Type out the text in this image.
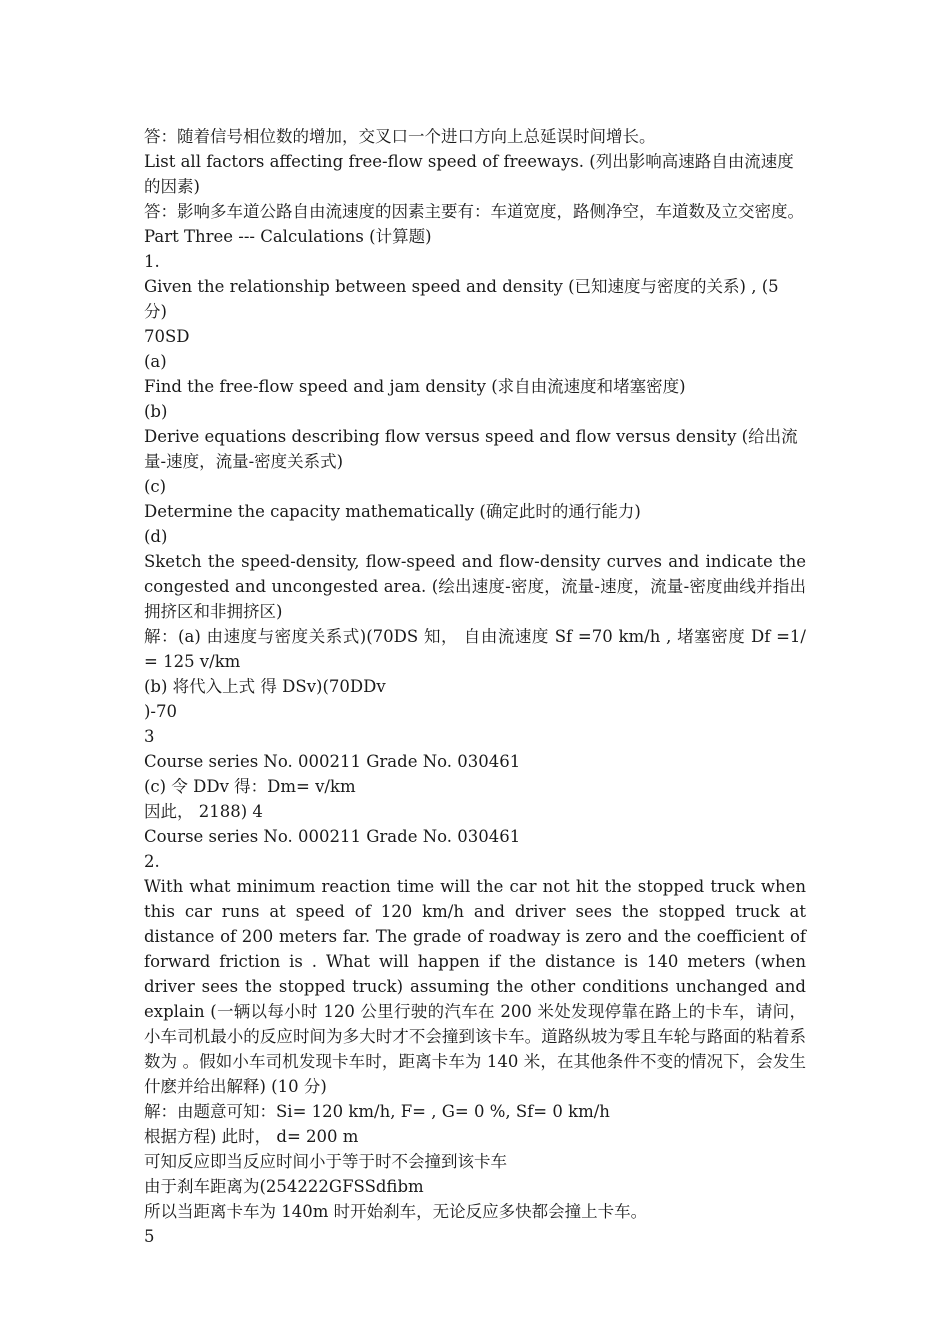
答：随着信号相位数的增加，交叉口一个进口方向上总延误时间增长。

List all factors affecting free-flow speed of freeways. (列出影响高速路自由流速度的因素)

答：影响多车道公路自由流速度的因素主要有：车道宽度，路侧净空，车道数及立交密度。

Part Three --- Calculations (计算题)

1.

Given the relationship between speed and density (已知速度与密度的关系) , (5 分)

70SD

(a)

Find the free-flow speed and jam density (求自由流速度和堵塞密度)

(b)

Derive equations describing flow versus speed and flow versus density (给出流量-速度，流量-密度关系式)

(c)

Determine the capacity mathematically (确定此时的通行能力)

(d)

Sketch the speed-density, flow-speed and flow-density curves and indicate the congested and uncongested area. (绘出速度-密度，流量-速度，流量-密度曲线并指出拥挤区和非拥挤区)

解：(a) 由速度与密度关系式)(70DS 知， 自由流速度 Sf =70 km/h , 堵塞密度 Df =1/ = 125 v/km

(b) 将代入上式 得 DSv)(70DDv

)-70

3

Course series No. 000211 Grade No. 030461

(c) 令 DDv 得：Dm= v/km

因此， 2188) 4

Course series No. 000211 Grade No. 030461

2.

With what minimum reaction time will the car not hit the stopped truck when this car runs at speed of 120 km/h and driver sees the stopped truck at distance of 200 meters far. The grade of roadway is zero and the coefficient of forward friction is . What will happen if the distance is 140 meters (when driver sees the stopped truck) assuming the other conditions unchanged and explain (一辆以每小时 120 公里行驶的汽车在 200 米处发现停靠在路上的卡车，请问， 小车司机最小的反应时间为多大时才不会撞到该卡车。道路纵坡为零且车轮与路面的粘着系数为 。假如小车司机发现卡车时，距离卡车为 140 米，在其他条件不变的情况下，会发生什麽并给出解释) (10 分)

解：由题意可知：Si= 120 km/h, F= , G= 0 %, Sf= 0 km/h

根据方程) 此时， d= 200 m

可知反应即当反应时间小于等于时不会撞到该卡车

由于刹车距离为(254222GFSSdfibm

所以当距离卡车为 140m 时开始刹车，无论反应多快都会撞上卡车。

5
